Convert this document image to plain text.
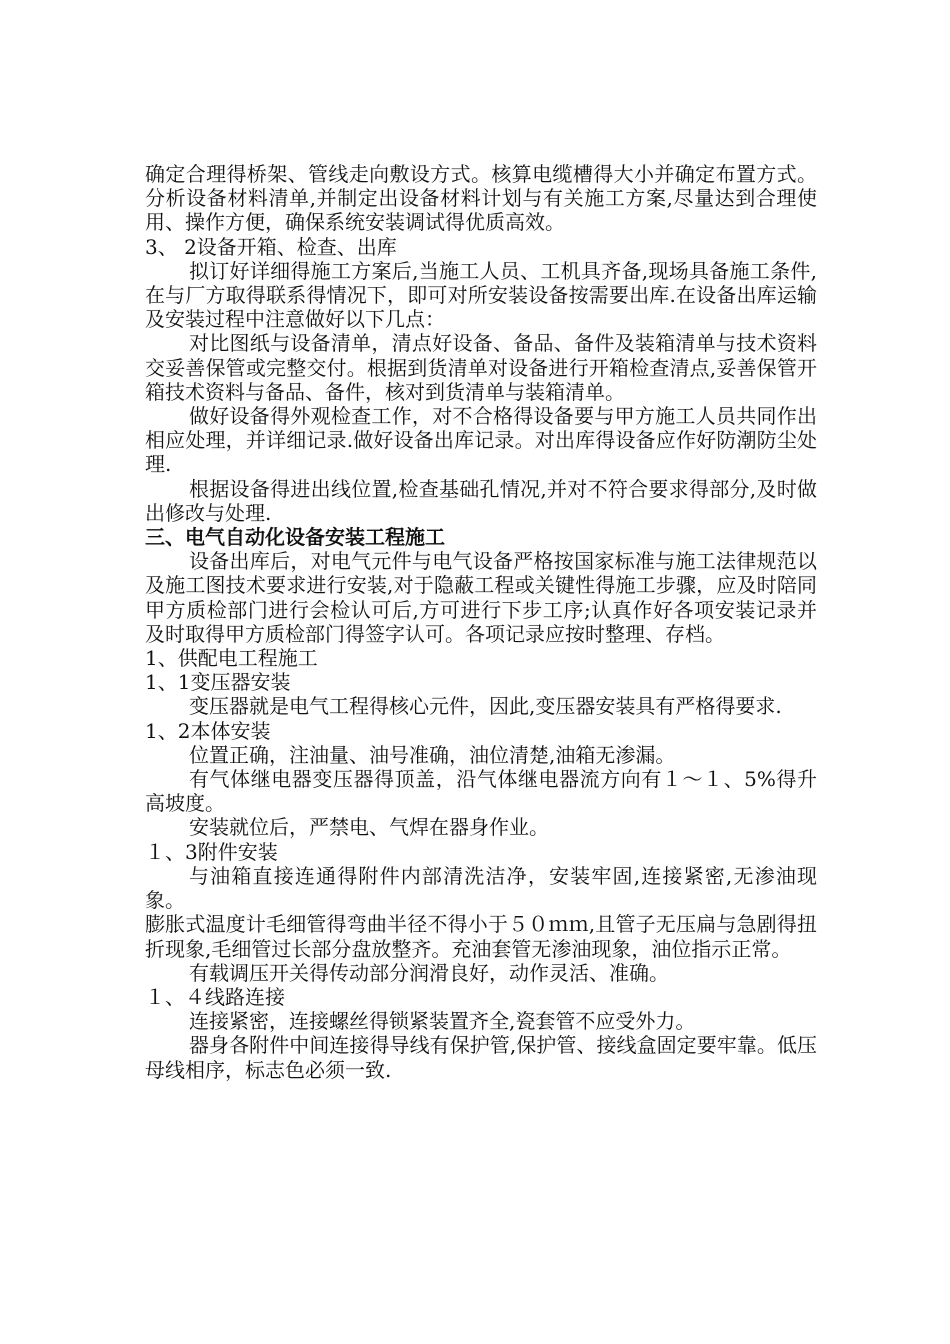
确定合理得桥架、管线走向敷设方式。核算电缆槽得大小并确定布置方式。分析设备材料清单,并制定出设备材料计划与有关施工方案,尽量达到合理使用、操作方便，确保系统安装调试得优质高效。

3、 2设备开箱、检查、出库

拟订好详细得施工方案后,当施工人员、工机具齐备,现场具备施工条件,在与厂方取得联系得情况下，即可对所安装设备按需要出库.在设备出库运输及安装过程中注意做好以下几点：

对比图纸与设备清单，清点好设备、备品、备件及装箱清单与技术资料交妥善保管或完整交付。根据到货清单对设备进行开箱检查清点,妥善保管开箱技术资料与备品、备件，核对到货清单与装箱清单。

做好设备得外观检查工作，对不合格得设备要与甲方施工人员共同作出相应处理，并详细记录.做好设备出库记录。对出库得设备应作好防潮防尘处理.

根据设备得进出线位置,检查基础孔情况,并对不符合要求得部分,及时做出修改与处理.

三、电气自动化设备安装工程施工

设备出库后，对电气元件与电气设备严格按国家标准与施工法律规范以及施工图技术要求进行安装,对于隐蔽工程或关键性得施工步骤，应及时陪同甲方质检部门进行会检认可后,方可进行下步工序;认真作好各项安装记录并及时取得甲方质检部门得签字认可。各项记录应按时整理、存档。

1、供配电工程施工

1、1变压器安装

变压器就是电气工程得核心元件，因此,变压器安装具有严格得要求.

1、2本体安装

位置正确，注油量、油号准确，油位清楚,油箱无渗漏。

有气体继电器变压器得顶盖，沿气体继电器流方向有１～１、5%得升高坡度。

安装就位后，严禁电、气焊在器身作业。

１、3附件安装

与油箱直接连通得附件内部清洗洁净，安装牢固,连接紧密,无渗油现象。

膨胀式温度计毛细管得弯曲半径不得小于５０ｍｍ,且管子无压扁与急剧得扭折现象,毛细管过长部分盘放整齐。充油套管无渗油现象，油位指示正常。

有载调压开关得传动部分润滑良好，动作灵活、准确。

１、４线路连接

连接紧密，连接螺丝得锁紧装置齐全,瓷套管不应受外力。

器身各附件中间连接得导线有保护管,保护管、接线盒固定要牢靠。低压母线相序，标志色必须一致.
